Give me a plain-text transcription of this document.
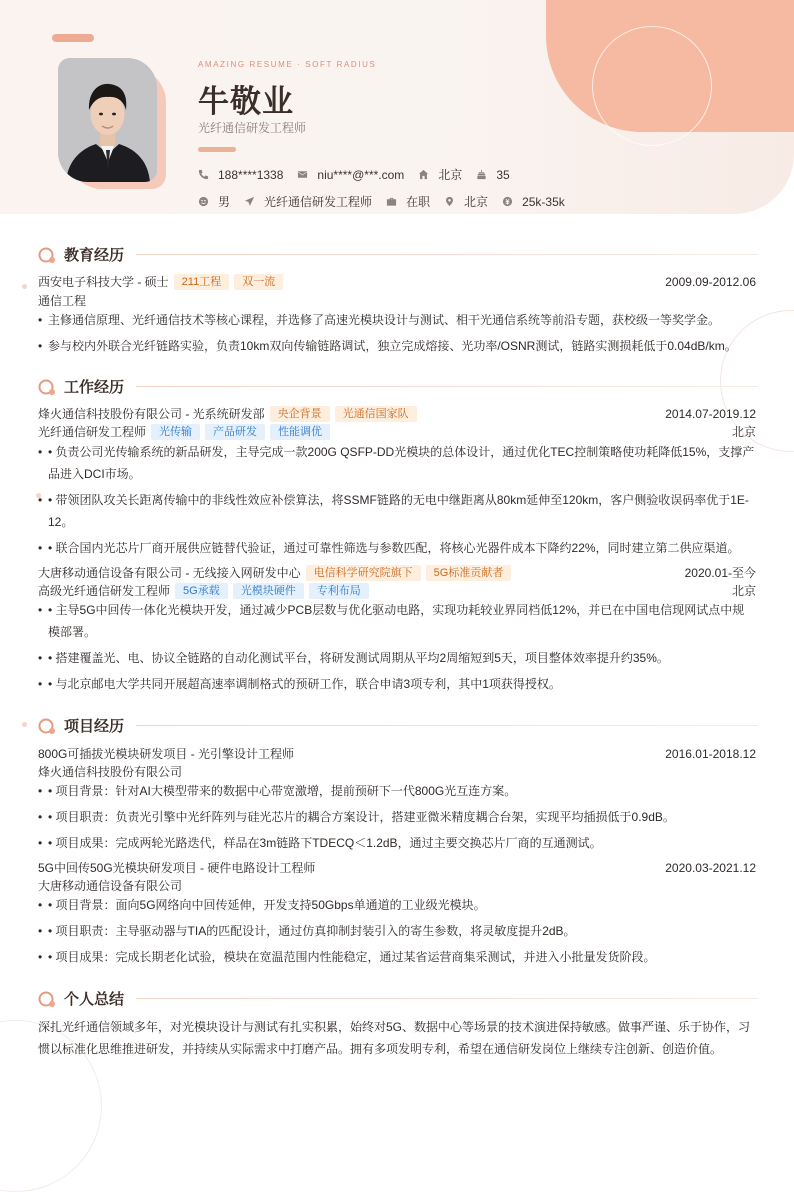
AMAZING RESUME · SOFT RADIUS
牛敬业
光纤通信研发工程师
188****1338	niu****@***.com	北京	35
男	光纤通信研发工程师	在职	北京	25k-35k
教育经历
西安电子科技大学 - 硕士	211工程	双一流	2009.09-2012.06
通信工程
• 主修通信原理、光纤通信技术等核心课程，并选修了高速光模块设计与测试、相干光通信系统等前沿专题，获校级一等奖学金。
• 参与校内外联合光纤链路实验，负责10km双向传输链路调试，独立完成熔接、光功率/OSNR测试，链路实测损耗低于0.04dB/km。
工作经历
烽火通信科技股份有限公司 - 光系统研发部	央企背景	光通信国家队	2014.07-2019.12
光纤通信研发工程师	光传输	产品研发	性能调优	北京
• • 负责公司光传输系统的新品研发，主导完成一款200G QSFP-DD光模块的总体设计，通过优化TEC控制策略使功耗降低15%，支撑产品进入DCI市场。
• • 带领团队攻关长距离传输中的非线性效应补偿算法，将SSMF链路的无电中继距离从80km延伸至120km，客户侧验收误码率优于1E-12。
• • 联合国内光芯片厂商开展供应链替代验证，通过可靠性筛选与参数匹配，将核心光器件成本下降约22%，同时建立第二供应渠道。
大唐移动通信设备有限公司 - 无线接入网研发中心	电信科学研究院旗下	5G标准贡献者	2020.01-至今
高级光纤通信研发工程师	5G承载	光模块硬件	专利布局	北京
• • 主导5G中回传一体化光模块开发，通过减少PCB层数与优化驱动电路，实现功耗较业界同档低12%，并已在中国电信现网试点中规模部署。
• • 搭建覆盖光、电、协议全链路的自动化测试平台，将研发测试周期从平均2周缩短到5天，项目整体效率提升约35%。
• • 与北京邮电大学共同开展超高速率调制格式的预研工作，联合申请3项专利，其中1项获得授权。
项目经历
800G可插拔光模块研发项目 - 光引擎设计工程师	2016.01-2018.12
烽火通信科技股份有限公司
• • 项目背景：针对AI大模型带来的数据中心带宽激增，提前预研下一代800G光互连方案。
• • 项目职责：负责光引擎中光纤阵列与硅光芯片的耦合方案设计，搭建亚微米精度耦合台架，实现平均插损低于0.9dB。
• • 项目成果：完成两轮光路迭代，样品在3m链路下TDECQ＜1.2dB，通过主要交换芯片厂商的互通测试。
5G中回传50G光模块研发项目 - 硬件电路设计工程师	2020.03-2021.12
大唐移动通信设备有限公司
• • 项目背景：面向5G网络向中回传延伸，开发支持50Gbps单通道的工业级光模块。
• • 项目职责：主导驱动器与TIA的匹配设计，通过仿真抑制封装引入的寄生参数，将灵敏度提升2dB。
• • 项目成果：完成长期老化试验，模块在宽温范围内性能稳定，通过某省运营商集采测试，并进入小批量发货阶段。
个人总结
深扎光纤通信领域多年，对光模块设计与测试有扎实积累，始终对5G、数据中心等场景的技术演进保持敏感。做事严谨、乐于协作，习惯以标准化思维推进研发，并持续从实际需求中打磨产品。拥有多项发明专利，希望在通信研发岗位上继续专注创新、创造价值。
